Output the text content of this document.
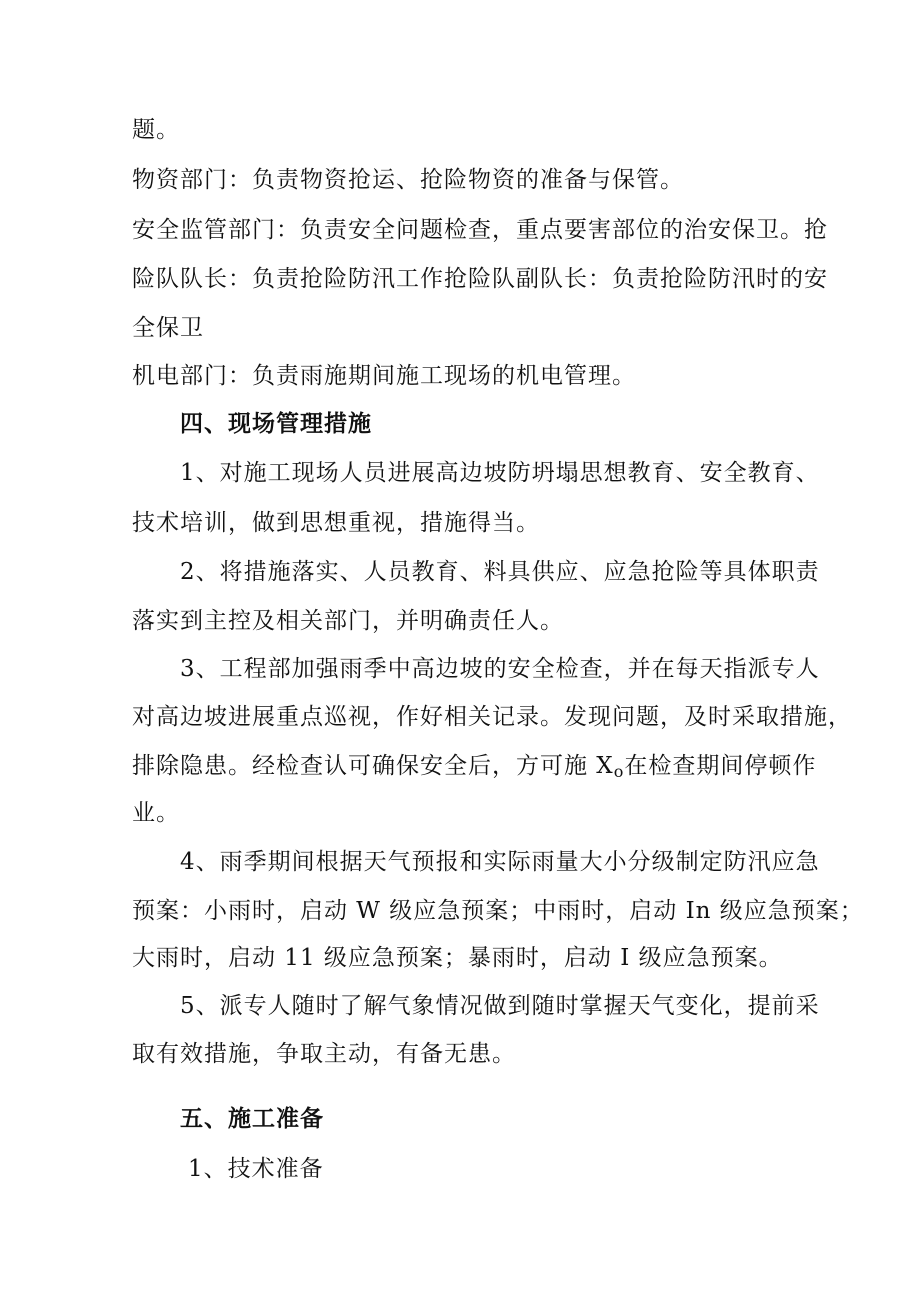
题。
物资部门：负责物资抢运、抢险物资的准备与保管。
安全监管部门：负责安全问题检查，重点要害部位的治安保卫。抢
险队队长：负责抢险防汛工作抢险队副队长：负责抢险防汛时的安
全保卫
机电部门：负责雨施期间施工现场的机电管理。
四、现场管理措施
1、对施工现场人员进展高边坡防坍塌思想教育、安全教育、
技术培训，做到思想重视，措施得当。
2、将措施落实、人员教育、料具供应、应急抢险等具体职责
落实到主控及相关部门，并明确责任人。
3、工程部加强雨季中高边坡的安全检查，并在每天指派专人
对高边坡进展重点巡视，作好相关记录。发现问题，及时采取措施，
排除隐患。经检查认可确保安全后，方可施 $X_o$在检查期间停顿作
业。
4、雨季期间根据天气预报和实际雨量大小分级制定防汛应急
预案：小雨时，启动 W 级应急预案；中雨时，启动 In 级应急预案；
大雨时，启动 11 级应急预案；暴雨时，启动 I 级应急预案。
5、派专人随时了解气象情况做到随时掌握天气变化，提前采
取有效措施，争取主动，有备无患。
五、施工准备
1、技术准备
